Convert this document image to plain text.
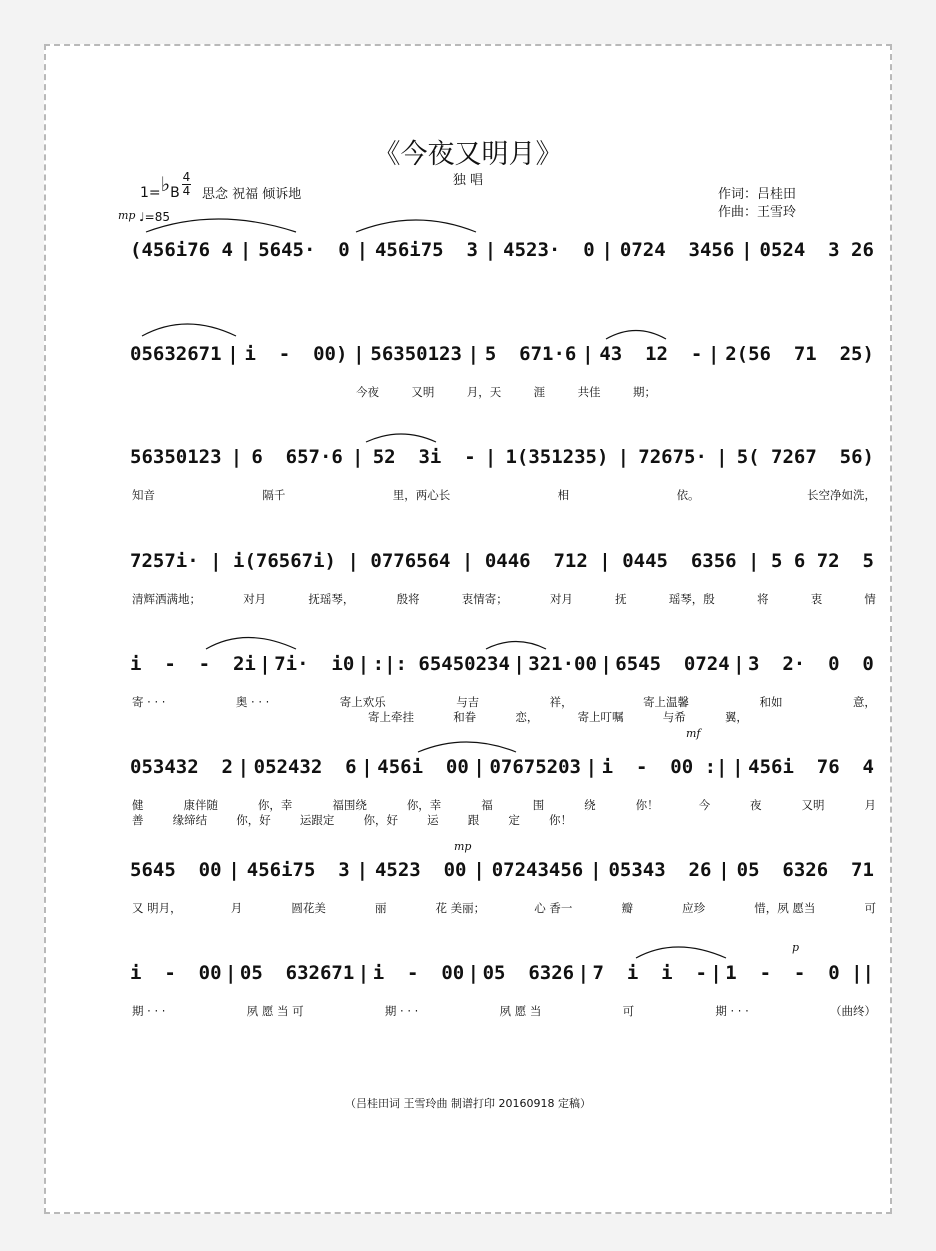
《今夜又明月》
独 唱
1=♭B
4
4 思念 祝福 倾诉地
mp ♩=85
作词：吕桂田
作曲：王雪玲
(456i76 4 | 5645·  0 | 456i75  3 | 4523·  0 | 0724  3456 | 0524  3 26
05632671 | i  -  00) | 56350123 | 5  671·6 | 43  12  - | 2(56  71  25)
今夜	又明	月，天	涯	共佳	期；
56350123 | 6  657·6 | 52  3i  - | 1(351235) | 72675· | 5( 7267  56)
知音	隔千	里，两心长	相	依。	长空净如洗，
7257i· | i(76567i) | 0776564 | 0446  712 | 0445  6356 | 5 6 72  5
清辉洒满地；	对月	抚瑶琴，	殷将	衷情寄；	对月	抚	瑶琴，殷	将	衷	情
i  -  -  2i | 7i·  i0 | :|: 65450234 | 321·00 | 6545  0724 | 3  2·  0  0
寄 · · ·	奥 · · ·	寄上欢乐	与吉	祥，	寄上温馨	和如	意，
寄上牵挂	和眷	恋，	寄上叮嘱	与希	翼，
mf
053432  2 | 052432  6 | 456i  00 | 07675203 | i  -  00 :| | 456i  76  4
健	康伴随	你，幸	福围绕	你，幸	福	围	绕	你！	今	夜	又明	月
善	缘缔结	你，好	运跟定	你，好	运	跟	定	你！
mp
5645  00 | 456i75  3 | 4523  00 | 07243456 | 05343  26 | 05  6326  71
又 明月，	月	圆花美	丽	花 美丽；	心 香一	瓣	应珍	惜，夙 愿当	可
p
i  -  00 | 05  632671 | i  -  00 | 05  6326 | 7  i  i  - | 1  -  -  0 ||
期 · · ·	夙 愿 当 可	期 · · ·	夙 愿 当	可	期 · · ·	（曲终）
（吕桂田词 王雪玲曲 制谱打印 20160918 定稿）
